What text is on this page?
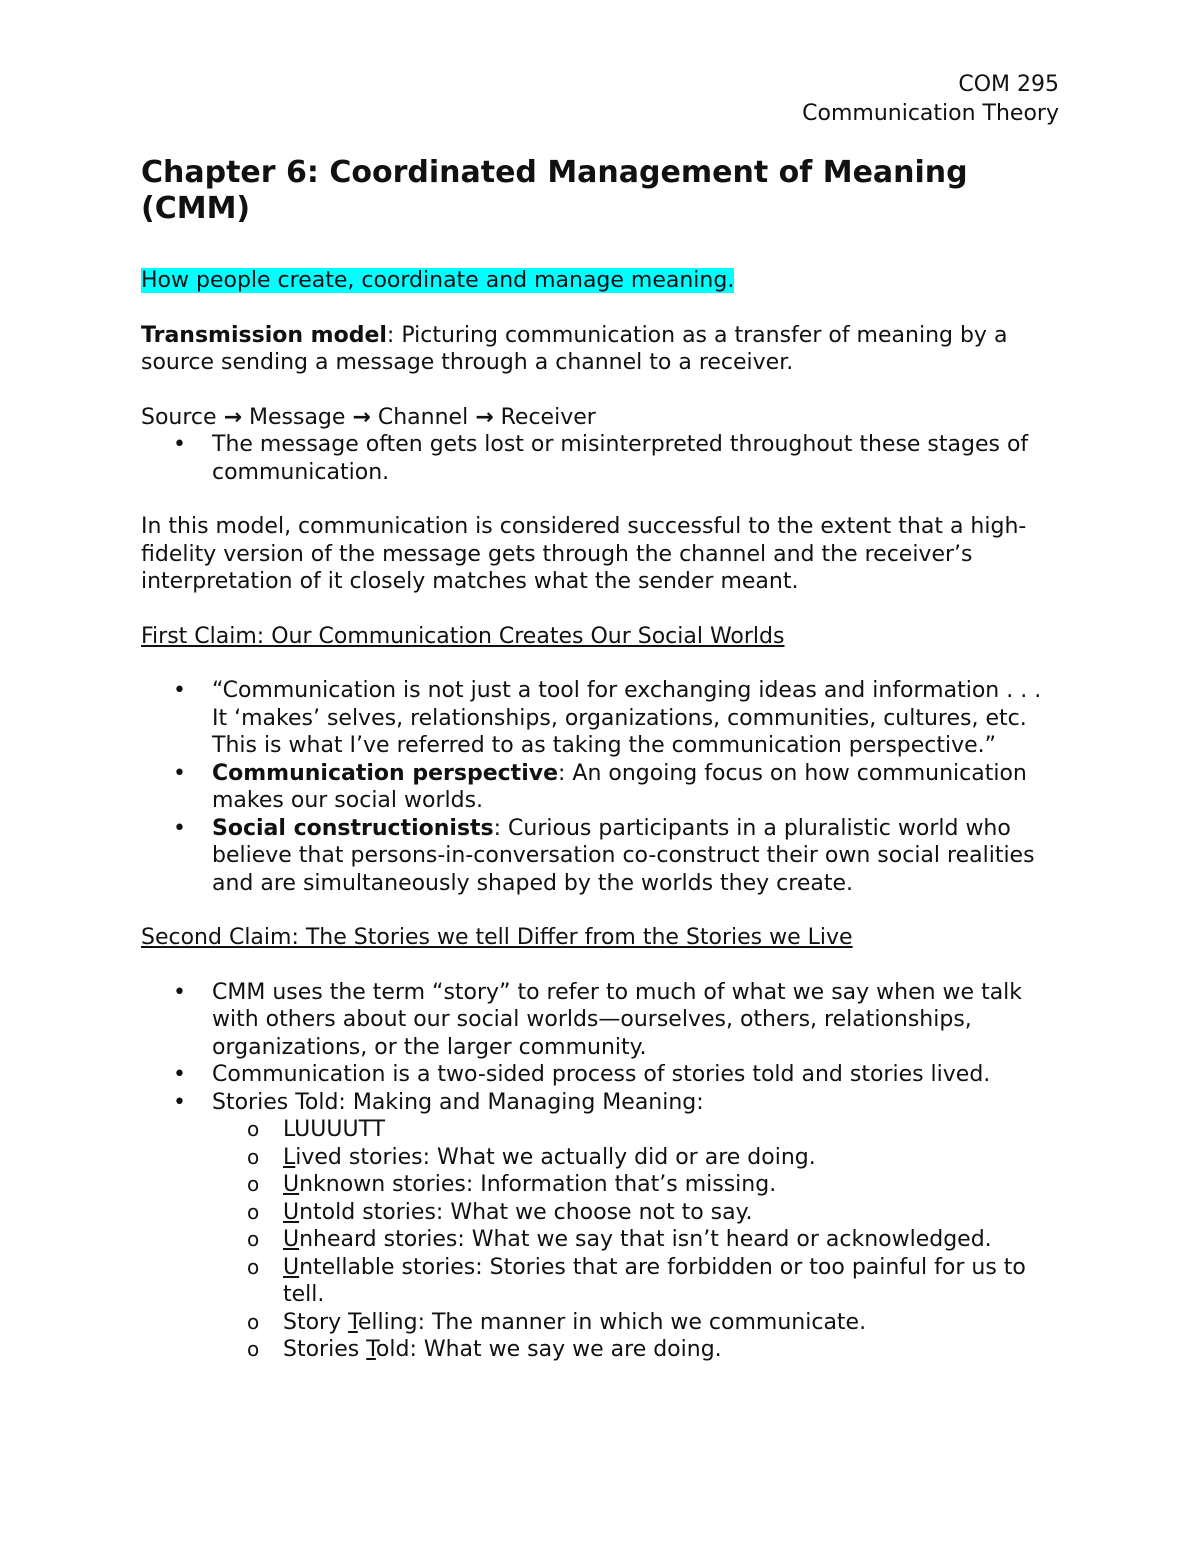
COM 295
Communication Theory
Chapter 6: Coordinated Management of Meaning (CMM)

How people create, coordinate and manage meaning.

Transmission model: Picturing communication as a transfer of meaning by a source sending a message through a channel to a receiver.

Source → Message → Channel → Receiver
•	The message often gets lost or misinterpreted throughout these stages of communication.

In this model, communication is considered successful to the extent that a high-fidelity version of the message gets through the channel and the receiver’s interpretation of it closely matches what the sender meant.

First Claim: Our Communication Creates Our Social Worlds

•	“Communication is not just a tool for exchanging ideas and information . . . It ‘makes’ selves, relationships, organizations, communities, cultures, etc. This is what I’ve referred to as taking the communication perspective.”
•	Communication perspective: An ongoing focus on how communication makes our social worlds.
•	Social constructionists: Curious participants in a pluralistic world who believe that persons-in-conversation co-construct their own social realities and are simultaneously shaped by the worlds they create.

Second Claim: The Stories we tell Differ from the Stories we Live

•	CMM uses the term “story” to refer to much of what we say when we talk with others about our social worlds—ourselves, others, relationships, organizations, or the larger community.
•	Communication is a two-sided process of stories told and stories lived.
•	Stories Told: Making and Managing Meaning:
o	LUUUUTT
o	Lived stories: What we actually did or are doing.
o	Unknown stories: Information that’s missing.
o	Untold stories: What we choose not to say.
o	Unheard stories: What we say that isn’t heard or acknowledged.
o	Untellable stories: Stories that are forbidden or too painful for us to tell.
o	Story Telling: The manner in which we communicate.
o	Stories Told: What we say we are doing.
